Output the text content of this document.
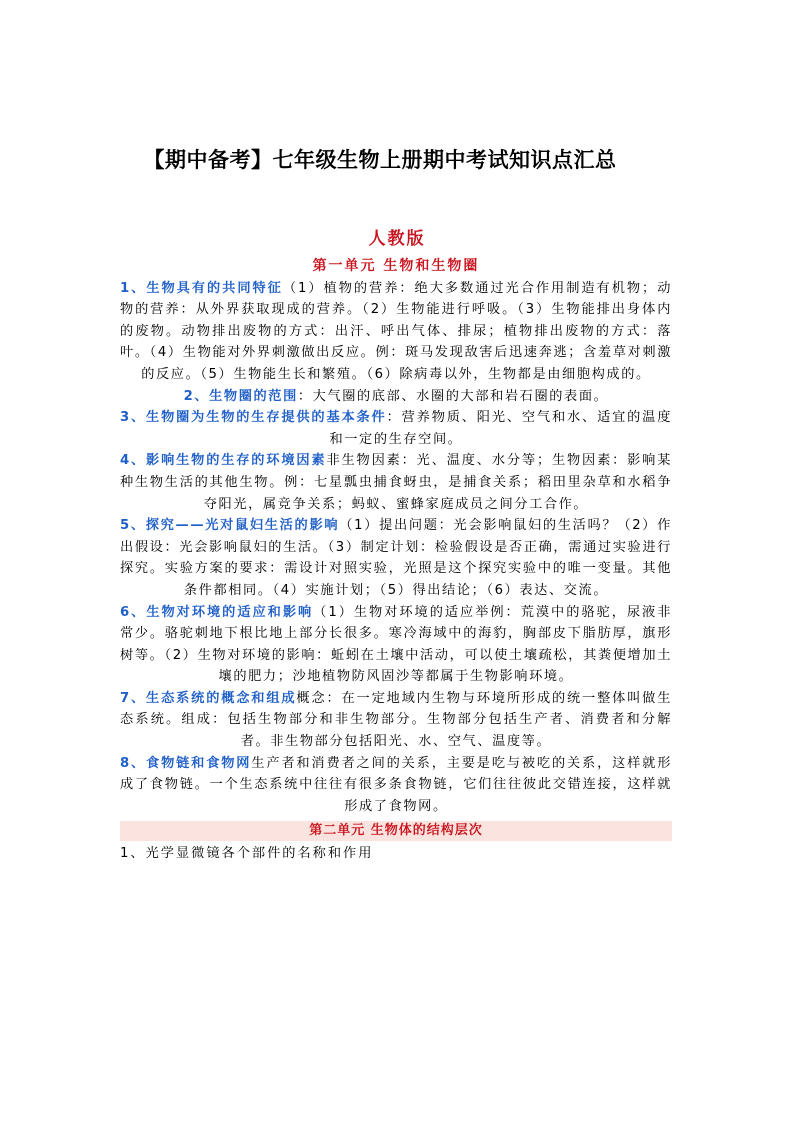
【期中备考】七年级生物上册期中考试知识点汇总
人教版
第一单元 生物和生物圈
1、生物具有的共同特征（1）植物的营养：绝大多数通过光合作用制造有机物；动物的营养：从外界获取现成的营养。（2）生物能进行呼吸。（3）生物能排出身体内的废物。动物排出废物的方式：出汗、呼出气体、排尿；植物排出废物的方式：落叶。（4）生物能对外界刺激做出反应。例：斑马发现敌害后迅速奔逃；含羞草对刺激的反应。（5）生物能生长和繁殖。（6）除病毒以外，生物都是由细胞构成的。
2、生物圈的范围：大气圈的底部、水圈的大部和岩石圈的表面。
3、生物圈为生物的生存提供的基本条件：营养物质、阳光、空气和水、适宜的温度和一定的生存空间。
4、影响生物的生存的环境因素非生物因素：光、温度、水分等；生物因素：影响某种生物生活的其他生物。例：七星瓢虫捕食蚜虫，是捕食关系；稻田里杂草和水稻争夺阳光，属竞争关系；蚂蚁、蜜蜂家庭成员之间分工合作。
5、探究——光对鼠妇生活的影响（1）提出问题：光会影响鼠妇的生活吗？（2）作出假设：光会影响鼠妇的生活。（3）制定计划：检验假设是否正确，需通过实验进行探究。实验方案的要求：需设计对照实验，光照是这个探究实验中的唯一变量。其他条件都相同。（4）实施计划；（5）得出结论；（6）表达、交流。
6、生物对环境的适应和影响（1）生物对环境的适应举例：荒漠中的骆驼，尿液非常少。骆驼刺地下根比地上部分长很多。寒冷海域中的海豹，胸部皮下脂肪厚，旗形树等。（2）生物对环境的影响：蚯蚓在土壤中活动，可以使土壤疏松，其粪便增加土壤的肥力；沙地植物防风固沙等都属于生物影响环境。
7、生态系统的概念和组成概念：在一定地域内生物与环境所形成的统一整体叫做生态系统。组成：包括生物部分和非生物部分。生物部分包括生产者、消费者和分解者。非生物部分包括阳光、水、空气、温度等。
8、食物链和食物网生产者和消费者之间的关系，主要是吃与被吃的关系，这样就形成了食物链。一个生态系统中往往有很多条食物链，它们往往彼此交错连接，这样就形成了食物网。
第二单元 生物体的结构层次
1、光学显微镜各个部件的名称和作用
